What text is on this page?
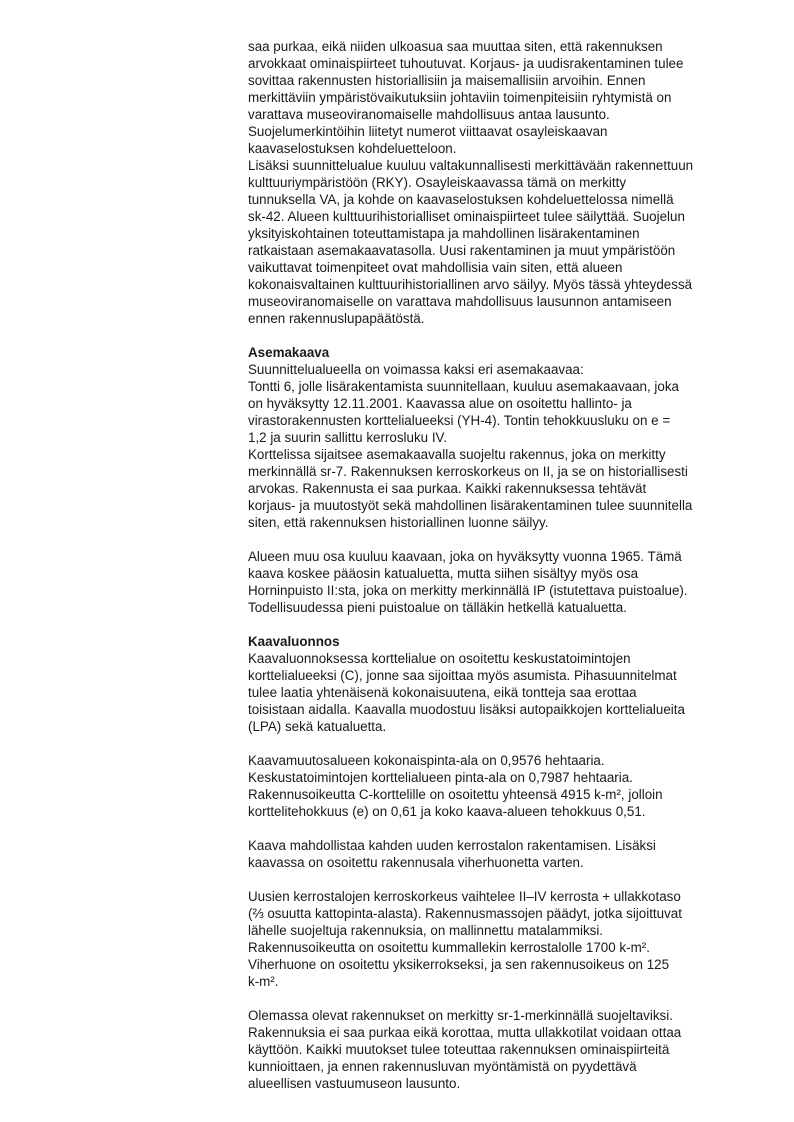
saa purkaa, eikä niiden ulkoasua saa muuttaa siten, että rakennuksen
arvokkaat ominaispiirteet tuhoutuvat. Korjaus- ja uudisrakentaminen tulee
sovittaa rakennusten historiallisiin ja maisemallisiin arvoihin. Ennen
merkittäviin ympäristövaikutuksiin johtaviin toimenpiteisiin ryhtymistä on
varattava museoviranomaiselle mahdollisuus antaa lausunto.
Suojelumerkintöihin liitetyt numerot viittaavat osayleiskaavan
kaavaselostuksen kohdeluetteloon.
Lisäksi suunnittelualue kuuluu valtakunnallisesti merkittävään rakennettuun
kulttuuriympäristöön (RKY). Osayleiskaavassa tämä on merkitty
tunnuksella VA, ja kohde on kaavaselostuksen kohdeluettelossa nimellä
sk-42. Alueen kulttuurihistorialliset ominaispiirteet tulee säilyttää. Suojelun
yksityiskohtainen toteuttamistapa ja mahdollinen lisärakentaminen
ratkaistaan asemakaavatasolla. Uusi rakentaminen ja muut ympäristöön
vaikuttavat toimenpiteet ovat mahdollisia vain siten, että alueen
kokonaisvaltainen kulttuurihistoriallinen arvo säilyy. Myös tässä yhteydessä
museoviranomaiselle on varattava mahdollisuus lausunnon antamiseen
ennen rakennuslupapäätöstä.
Asemakaava
Suunnittelualueella on voimassa kaksi eri asemakaavaa:
Tontti 6, jolle lisärakentamista suunnitellaan, kuuluu asemakaavaan, joka
on hyväksytty 12.11.2001. Kaavassa alue on osoitettu hallinto- ja
virastorakennusten korttelialueeksi (YH-4). Tontin tehokkuusluku on e =
1,2 ja suurin sallittu kerrosluku IV.
Korttelissa sijaitsee asemakaavalla suojeltu rakennus, joka on merkitty
merkinnällä sr-7. Rakennuksen kerroskorkeus on II, ja se on historiallisesti
arvokas. Rakennusta ei saa purkaa. Kaikki rakennuksessa tehtävät
korjaus- ja muutostyöt sekä mahdollinen lisärakentaminen tulee suunnitella
siten, että rakennuksen historiallinen luonne säilyy.
Alueen muu osa kuuluu kaavaan, joka on hyväksytty vuonna 1965. Tämä
kaava koskee pääosin katualuetta, mutta siihen sisältyy myös osa
Horninpuisto II:sta, joka on merkitty merkinnällä IP (istutettava puistoalue).
Todellisuudessa pieni puistoalue on tälläkin hetkellä katualuetta.
Kaavaluonnos
Kaavaluonnoksessa korttelialue on osoitettu keskustatoimintojen
korttelialueeksi (C), jonne saa sijoittaa myös asumista. Pihasuunnitelmat
tulee laatia yhtenäisenä kokonaisuutena, eikä tontteja saa erottaa
toisistaan aidalla. Kaavalla muodostuu lisäksi autopaikkojen korttelialueita
(LPA) sekä katualuetta.
Kaavamuutosalueen kokonaispinta-ala on 0,9576 hehtaaria.
Keskustatoimintojen korttelialueen pinta-ala on 0,7987 hehtaaria.
Rakennusoikeutta C-korttelille on osoitettu yhteensä 4915 k-m², jolloin
korttelitehokkuus (e) on 0,61 ja koko kaava-alueen tehokkuus 0,51.
Kaava mahdollistaa kahden uuden kerrostalon rakentamisen. Lisäksi
kaavassa on osoitettu rakennusala viherhuonetta varten.
Uusien kerrostalojen kerroskorkeus vaihtelee II–IV kerrosta + ullakkotaso
(⅔ osuutta kattopinta-alasta). Rakennusmassojen päädyt, jotka sijoittuvat
lähelle suojeltuja rakennuksia, on mallinnettu matalammiksi.
Rakennusoikeutta on osoitettu kummallekin kerrostalolle 1700 k-m².
Viherhuone on osoitettu yksikerrokseksi, ja sen rakennusoikeus on 125
k-m².
Olemassa olevat rakennukset on merkitty sr-1-merkinnällä suojeltaviksi.
Rakennuksia ei saa purkaa eikä korottaa, mutta ullakkotilat voidaan ottaa
käyttöön. Kaikki muutokset tulee toteuttaa rakennuksen ominaispiirteitä
kunnioittaen, ja ennen rakennusluvan myöntämistä on pyydettävä
alueellisen vastuumuseon lausunto.
